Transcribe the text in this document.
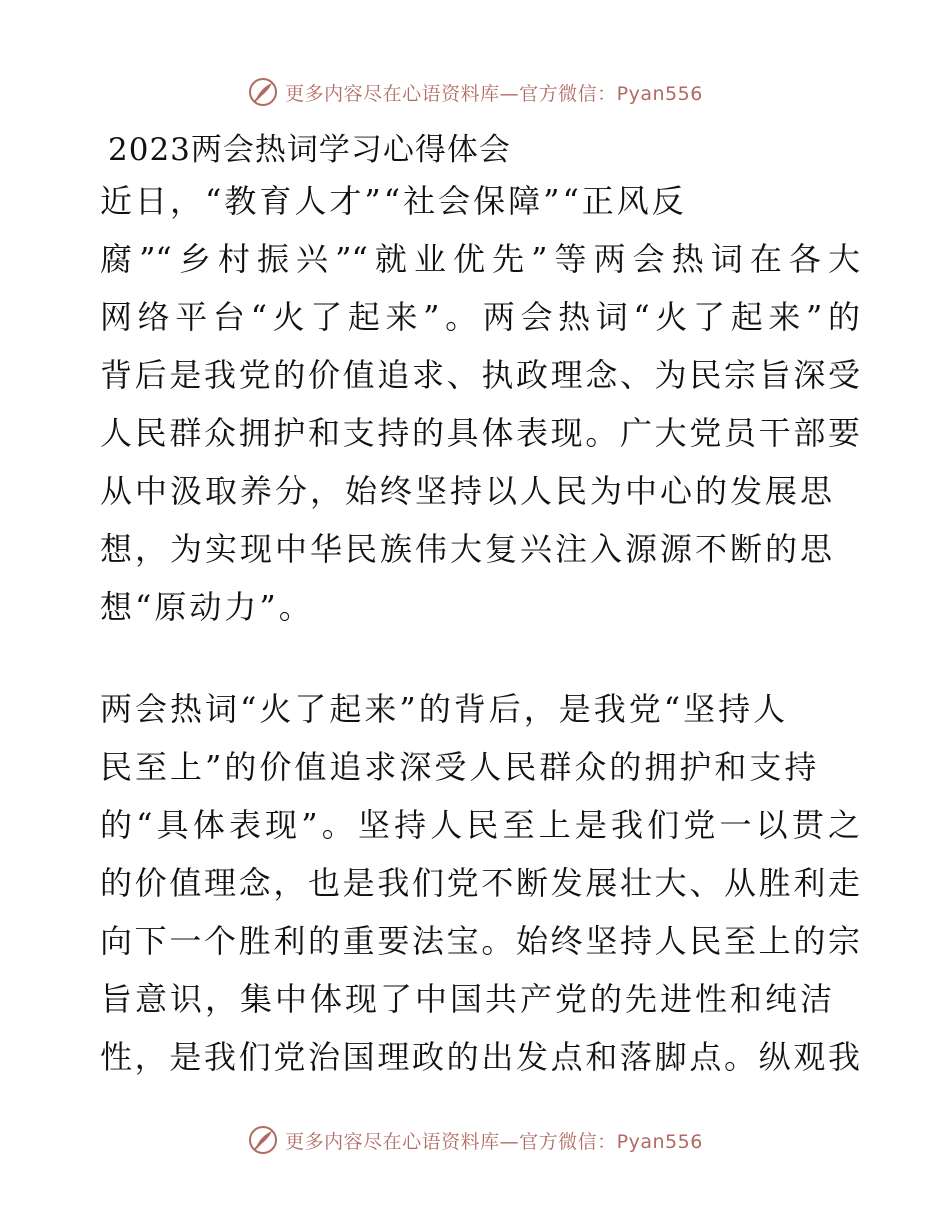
更多内容尽在心语资料库—官方微信：Pyan556
2023两会热词学习心得体会
近日，“教育人才”“社会保障”“正风反
腐”“乡村振兴”“就业优先”等两会热词在各大
网络平台“火了起来”。两会热词“火了起来”的
背后是我党的价值追求、执政理念、为民宗旨深受
人民群众拥护和支持的具体表现。广大党员干部要
从中汲取养分，始终坚持以人民为中心的发展思
想，为实现中华民族伟大复兴注入源源不断的思
想“原动力”。
两会热词“火了起来”的背后，是我党“坚持人
民至上”的价值追求深受人民群众的拥护和支持
的“具体表现”。坚持人民至上是我们党一以贯之
的价值理念，也是我们党不断发展壮大、从胜利走
向下一个胜利的重要法宝。始终坚持人民至上的宗
旨意识，集中体现了中国共产党的先进性和纯洁
性，是我们党治国理政的出发点和落脚点。纵观我
更多内容尽在心语资料库—官方微信：Pyan556
